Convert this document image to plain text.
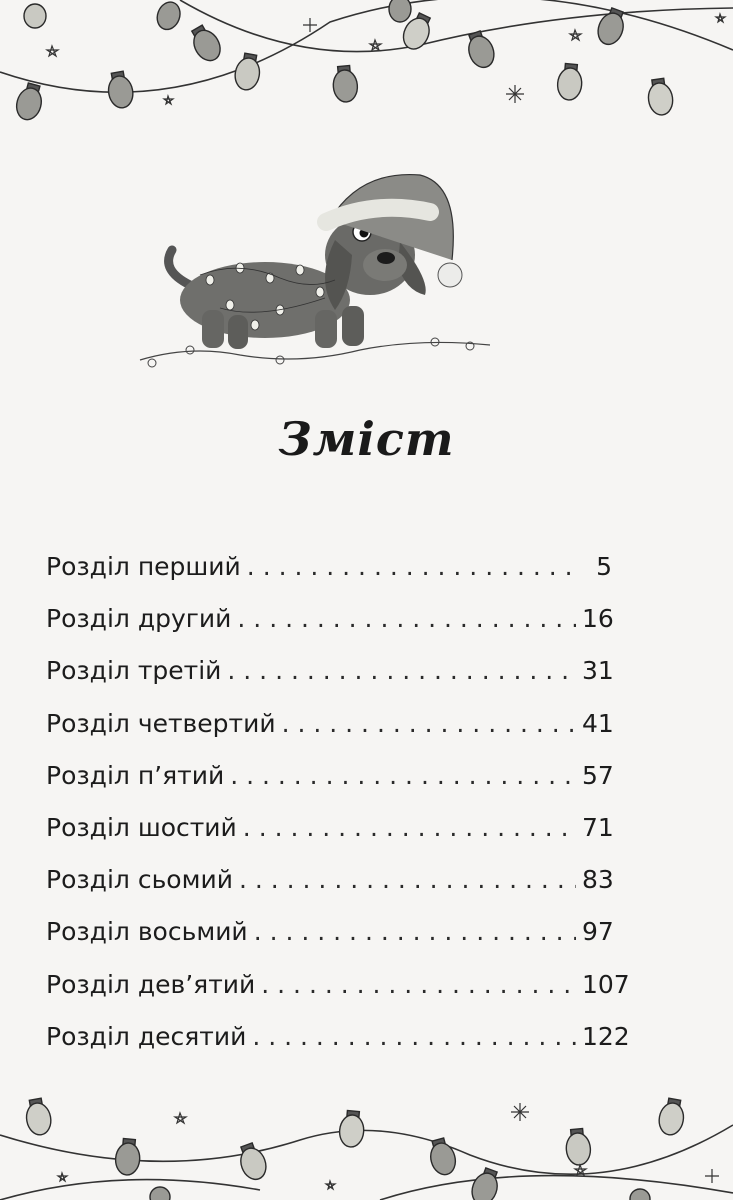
Зміст
Розділ перший . . .	5
Розділ другий . . .	16
Розділ третій . . .	31
Розділ четвертий . . .	41
Розділ п’ятий . . .	57
Розділ шостий . . .	71
Розділ сьомий . . .	83
Розділ восьмий . . .	97
Розділ дев’ятий . . .	107
Розділ десятий . . .	122
